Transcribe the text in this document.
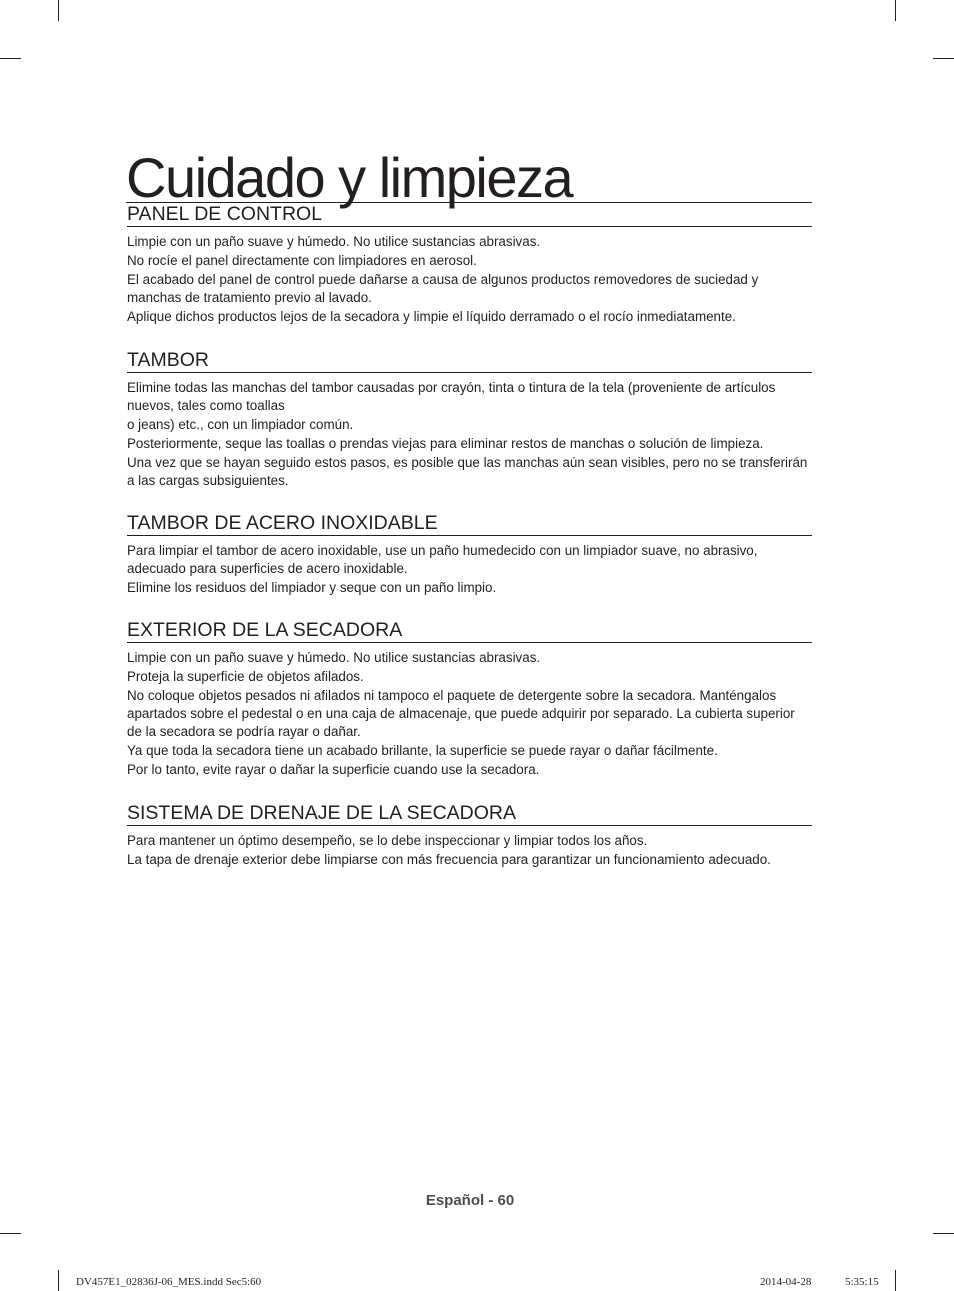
Cuidado y limpieza
PANEL DE CONTROL

Limpie con un paño suave y húmedo. No utilice sustancias abrasivas.

No rocíe el panel directamente con limpiadores en aerosol.

El acabado del panel de control puede dañarse a causa de algunos productos removedores de suciedad y manchas de tratamiento previo al lavado.

Aplique dichos productos lejos de la secadora y limpie el líquido derramado o el rocío inmediatamente.

TAMBOR

Elimine todas las manchas del tambor causadas por crayón, tinta o tintura de la tela (proveniente de artículos nuevos, tales como toallas

o jeans) etc., con un limpiador común.

Posteriormente, seque las toallas o prendas viejas para eliminar restos de manchas o solución de limpieza.

Una vez que se hayan seguido estos pasos, es posible que las manchas aún sean visibles, pero no se transferirán a las cargas subsiguientes.

TAMBOR DE ACERO INOXIDABLE

Para limpiar el tambor de acero inoxidable, use un paño humedecido con un limpiador suave, no abrasivo, adecuado para superficies de acero inoxidable.

Elimine los residuos del limpiador y seque con un paño limpio.

EXTERIOR DE LA SECADORA

Limpie con un paño suave y húmedo. No utilice sustancias abrasivas.

Proteja la superficie de objetos afilados.

No coloque objetos pesados ni afilados ni tampoco el paquete de detergente sobre la secadora. Manténgalos apartados sobre el pedestal o en una caja de almacenaje, que puede adquirir por separado. La cubierta superior de la secadora se podría rayar o dañar.

Ya que toda la secadora tiene un acabado brillante, la superficie se puede rayar o dañar fácilmente.

Por lo tanto, evite rayar o dañar la superficie cuando use la secadora.

SISTEMA DE DRENAJE DE LA SECADORA

Para mantener un óptimo desempeño, se lo debe inspeccionar y limpiar todos los años.

La tapa de drenaje exterior debe limpiarse con más frecuencia para garantizar un funcionamiento adecuado.

Español - 60
DV457E1_02836J-06_MES.indd Sec5:60	2014-04-28	5:35:15
